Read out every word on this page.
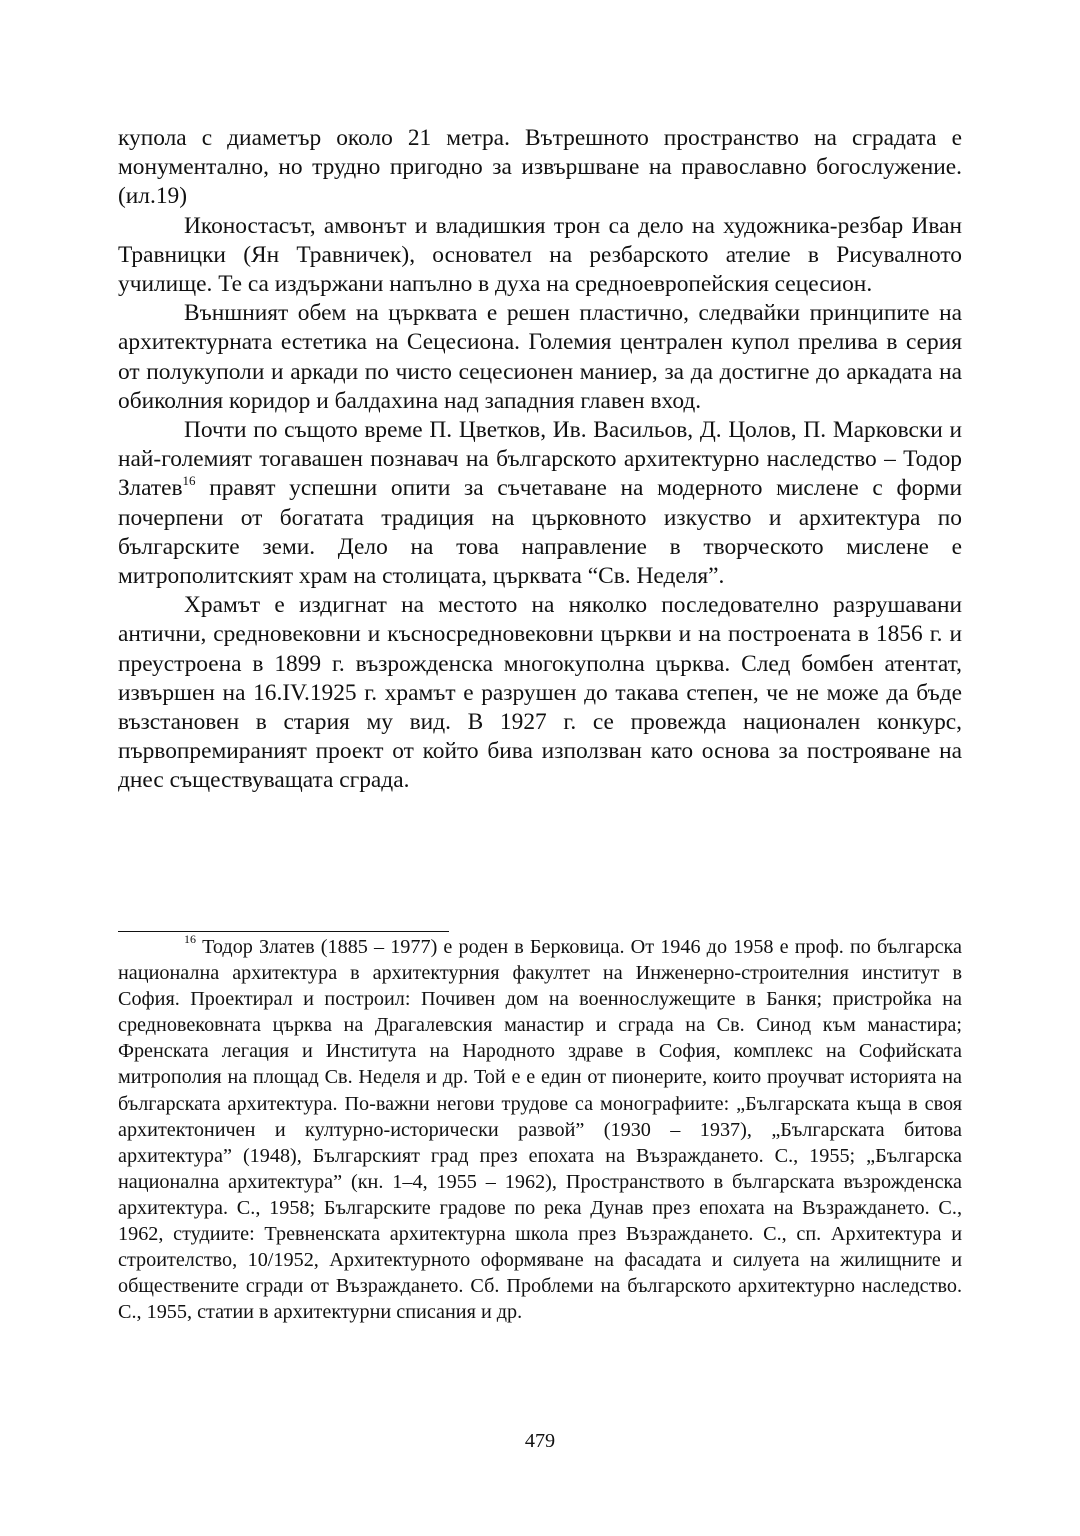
купола с диаметър около 21 метра. Вътрешното пространство на сградата е монументално, но трудно пригодно за извършване на православно богослужение. (ил.19)

Иконостасът, амвонът и владишкия трон са дело на художника-резбар Иван Травницки (Ян Травничек), основател на резбарското ателие в Рисувалното училище. Те са издържани напълно в духа на средноевропейския сецесион.

Външният обем на църквата е решен пластично, следвайки принципите на архитектурната естетика на Сецесиона. Големия централен купол прелива в серия от полукуполи и аркади по чисто сецесионен маниер, за да достигне до аркадата на обиколния коридор и балдахина над западния главен вход.

Почти по същото време П. Цветков, Ив. Васильов, Д. Цолов, П. Марковски и най-големият тогавашен познавач на българското архитектурно наследство – Тодор Златев$^{16}$ правят успешни опити за съчетаване на модерното мислене с форми почерпени от богатата традиция на църковното изкуство и архитектура по българските земи. Дело на това направление в творческото мислене е митрополитският храм на столицата, църквата “Св. Неделя”.

Храмът е издигнат на местото на няколко последователно разрушавани антични, средновековни и късносредновековни църкви и на построената в 1856 г. и преустроена в 1899 г. възрожденска многокуполна църква. След бомбен атентат, извършен на 16.IV.1925 г. храмът е разрушен до такава степен, че не може да бъде възстановен в стария му вид. В 1927 г. се провежда национален конкурс, първопремираният проект от който бива използван като основа за построяване на днес съществуващата сграда.

$^{16}$ Тодор Златев (1885 – 1977) е роден в Берковица. От 1946 до 1958 е проф. по българска национална архитектура в архитектурния факултет на Инженерно-строителния институт в София. Проектирал и построил: Почивен дом на военнослужещите в Банкя; пристройка на средновековната църква на Драгалевския манастир и сграда на Св. Синод към манастира; Френската легация и Института на Народното здраве в София, комплекс на Софийската митрополия на площад Св. Неделя и др. Той е е един от пионерите, които проучват историята на българската архитектура. По-важни негови трудове са монографиите: „Българската къща в своя архитектоничен и културно-исторически развой” (1930 – 1937), „Българската битова архитектура” (1948), Българският град през епохата на Възраждането. С., 1955; „Българска национална архитектура” (кн. 1–4, 1955 – 1962), Пространството в българската възрожденска архитектура. С., 1958; Българските градове по река Дунав през епохата на Възраждането. С., 1962, студиите: Тревненската архитектурна школа през Възраждането. С., сп. Архитектура и строителство, 10/1952, Архитектурното оформяване на фасадата и силуета на жилищните и обществените сгради от Възраждането. Сб. Проблеми на българското архитектурно наследство. С., 1955, статии в архитектурни списания и др.

479
